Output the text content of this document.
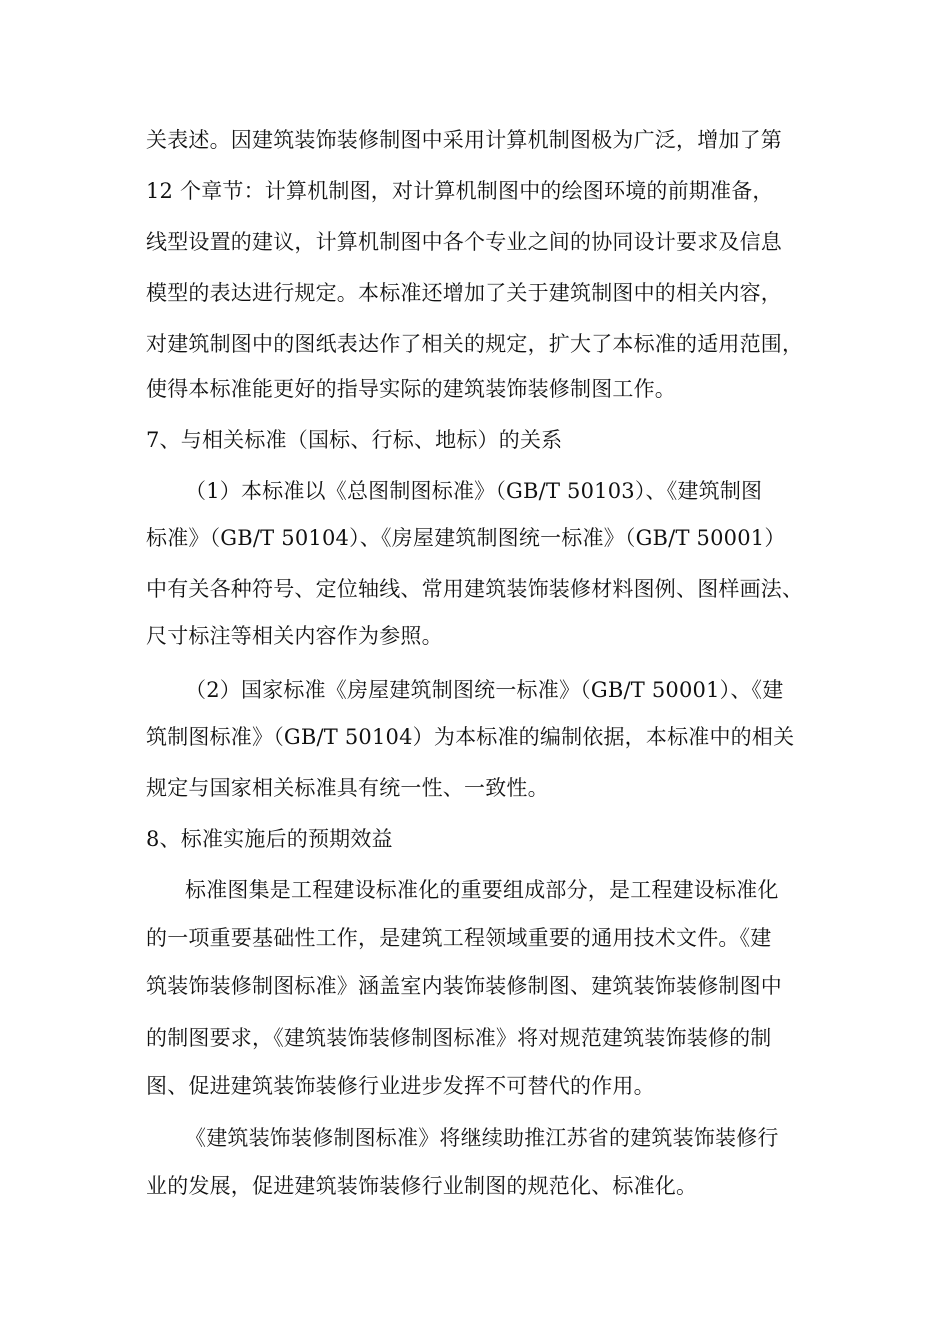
关表述。因建筑装饰装修制图中采用计算机制图极为广泛，增加了第
12 个章节：计算机制图，对计算机制图中的绘图环境的前期准备，
线型设置的建议，计算机制图中各个专业之间的协同设计要求及信息
模型的表达进行规定。本标准还增加了关于建筑制图中的相关内容，
对建筑制图中的图纸表达作了相关的规定，扩大了本标准的适用范围，
使得本标准能更好的指导实际的建筑装饰装修制图工作。
7、与相关标准（国标、行标、地标）的关系
（1）本标准以《总图制图标准》（GB/T 50103）、《建筑制图
标准》（GB/T 50104）、《房屋建筑制图统一标准》（GB/T 50001）
中有关各种符号、定位轴线、常用建筑装饰装修材料图例、图样画法、
尺寸标注等相关内容作为参照。
（2）国家标准《房屋建筑制图统一标准》（GB/T 50001）、《建
筑制图标准》（GB/T 50104）为本标准的编制依据，本标准中的相关
规定与国家相关标准具有统一性、一致性。
8、标准实施后的预期效益
标准图集是工程建设标准化的重要组成部分，是工程建设标准化
的一项重要基础性工作，是建筑工程领域重要的通用技术文件。《建
筑装饰装修制图标准》涵盖室内装饰装修制图、建筑装饰装修制图中
的制图要求，《建筑装饰装修制图标准》将对规范建筑装饰装修的制
图、促进建筑装饰装修行业进步发挥不可替代的作用。
《建筑装饰装修制图标准》将继续助推江苏省的建筑装饰装修行
业的发展，促进建筑装饰装修行业制图的规范化、标准化。
